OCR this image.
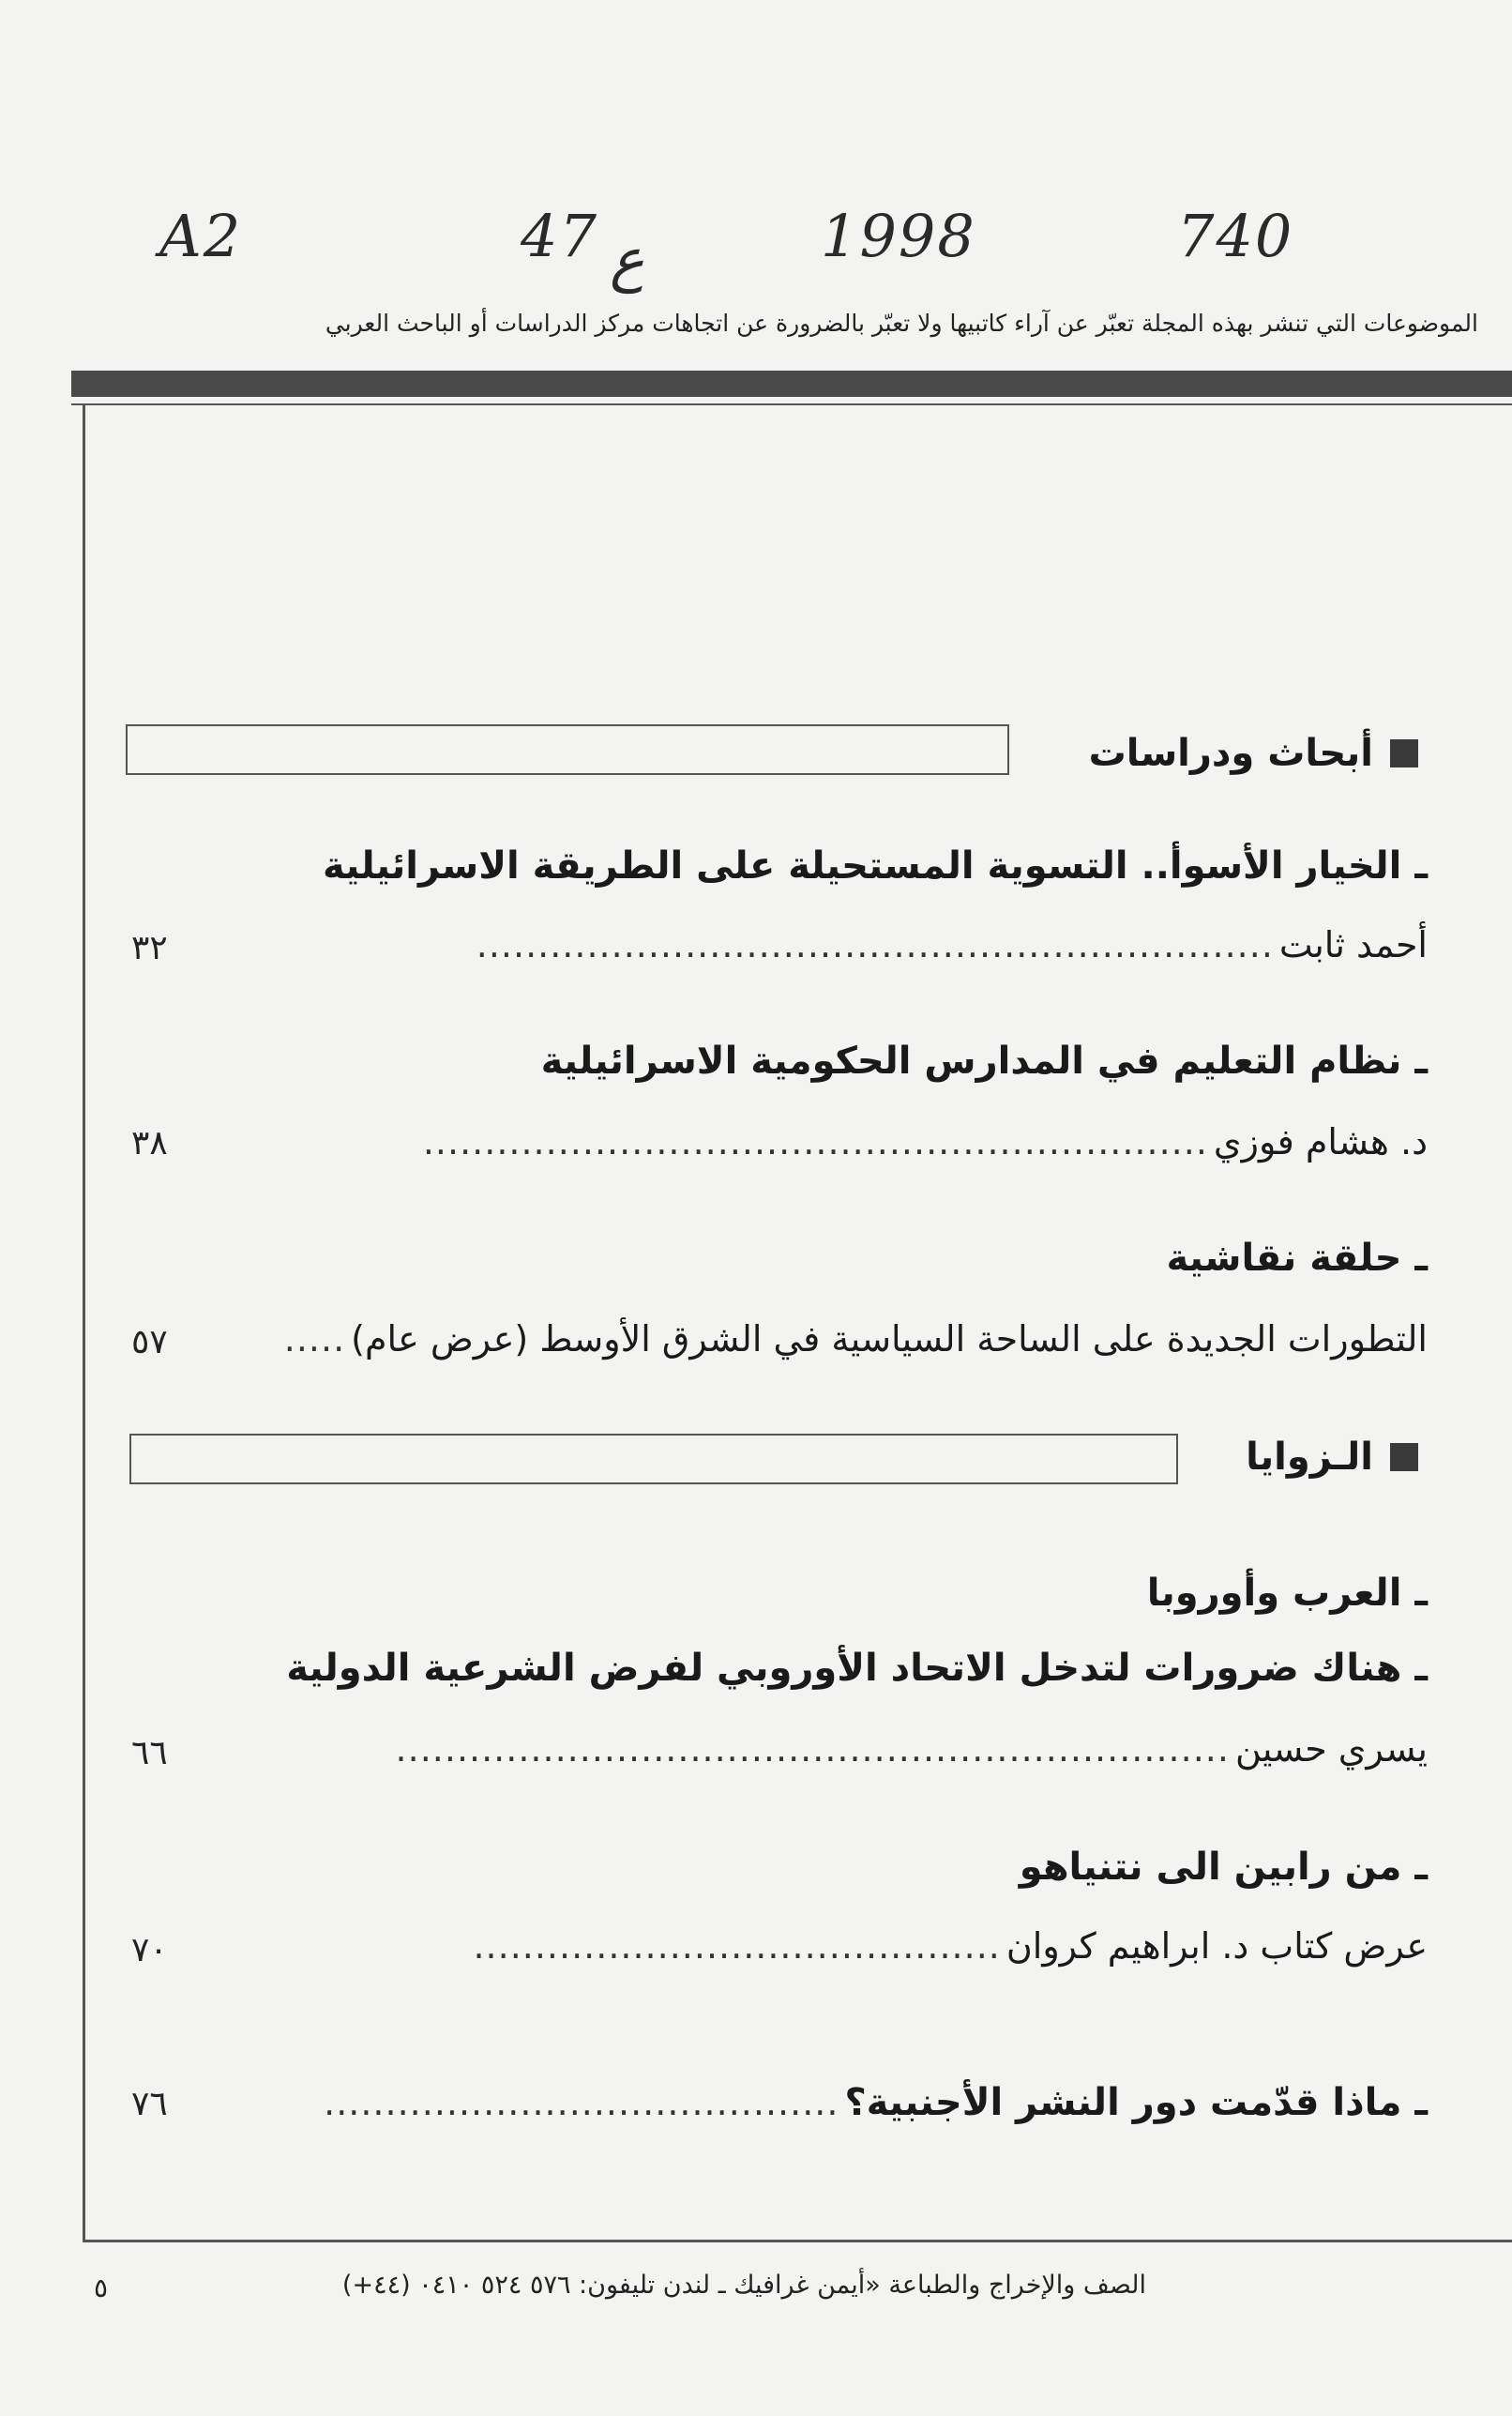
A2	47 ع	1998	740
الموضوعات التي تنشر بهذه المجلة تعبّر عن آراء كاتبيها ولا تعبّر بالضرورة عن اتجاهات مركز الدراسات أو الباحث العربي
أبحاث ودراسات
ـ الخيار الأسوأ.. التسوية المستحيلة على الطريقة الاسرائيلية
أحمد ثابت
.................................................................
٣٢
ـ نظام التعليم في المدارس الحكومية الاسرائيلية
د. هشام فوزي
................................................................
٣٨
ـ حلقة نقاشية
التطورات الجديدة على الساحة السياسية في الشرق الأوسط (عرض عام)
.....
٥٧
الـزوايا
ـ العرب وأوروبا
ـ هناك ضرورات لتدخل الاتحاد الأوروبي لفرض الشرعية الدولية
يسري حسين
....................................................................
٦٦
ـ من رابين الى نتنياهو
عرض كتاب د. ابراهيم كروان
...........................................
٧٠
ـ ماذا قدّمت دور النشر الأجنبية؟
..........................................
٧٦
الصف والإخراج والطباعة «أيمن غرافيك ـ لندن تليفون: ٥٧٦ ٥٢٤ ٠٤١٠ (٤٤+)
٥
